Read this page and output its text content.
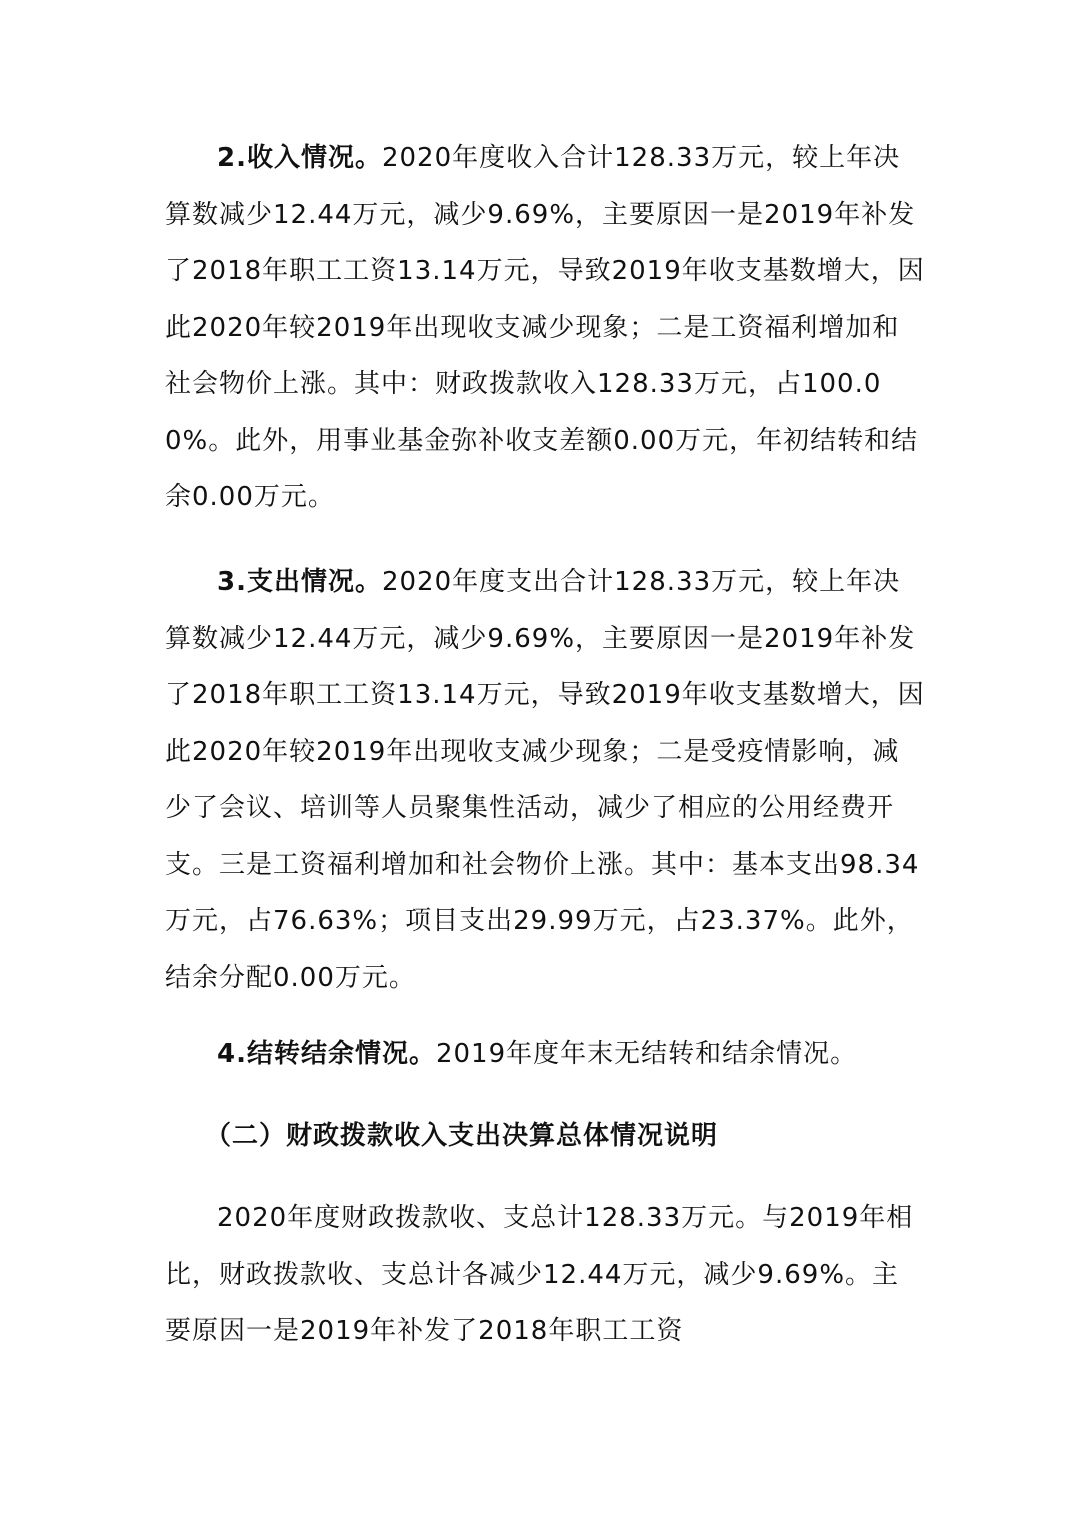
2.收入情况。2020年度收入合计128.33万元，较上年决算数减少12.44万元，减少9.69%，主要原因一是2019年补发了2018年职工工资13.14万元，导致2019年收支基数增大，因此2020年较2019年出现收支减少现象；二是工资福利增加和社会物价上涨。其中：财政拨款收入128.33万元，占100.00%。此外，用事业基金弥补收支差额0.00万元，年初结转和结余0.00万元。

3.支出情况。2020年度支出合计128.33万元，较上年决算数减少12.44万元，减少9.69%，主要原因一是2019年补发了2018年职工工资13.14万元，导致2019年收支基数增大，因此2020年较2019年出现收支减少现象；二是受疫情影响，减少了会议、培训等人员聚集性活动，减少了相应的公用经费开支。三是工资福利增加和社会物价上涨。其中：基本支出98.34万元，占76.63%；项目支出29.99万元，占23.37%。此外，结余分配0.00万元。

4.结转结余情况。2019年度年末无结转和结余情况。

（二）财政拨款收入支出决算总体情况说明

2020年度财政拨款收、支总计128.33万元。与2019年相比，财政拨款收、支总计各减少12.44万元，减少9.69%。主要原因一是2019年补发了2018年职工工资
